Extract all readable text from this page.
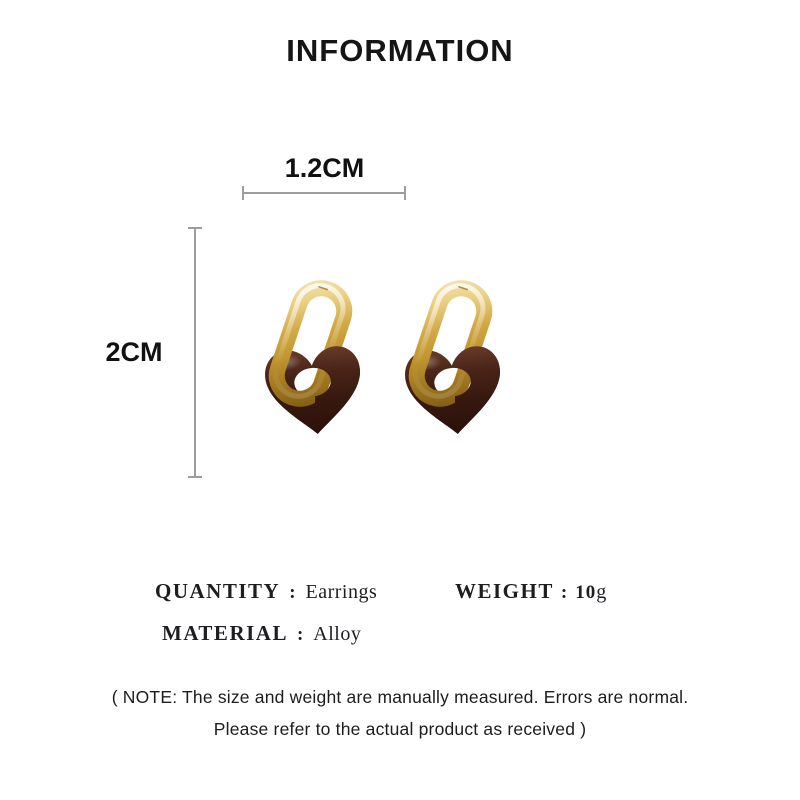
INFORMATION
1.2CM
2CM
QUANTITY : Earrings	WEIGHT : 10g
MATERIAL : Alloy
( NOTE: The size and weight are manually measured. Errors are normal.
Please refer to the actual product as received )
